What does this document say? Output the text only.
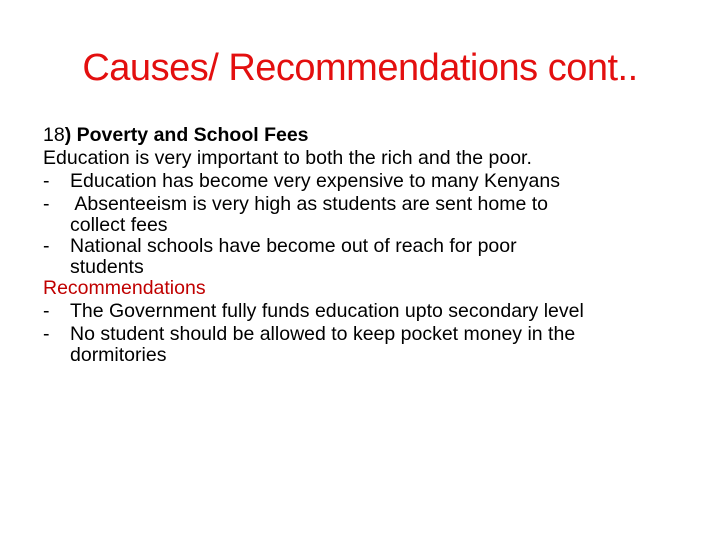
Causes/ Recommendations cont..
18) Poverty and School Fees
Education is very important to both the rich and the poor.
- Education has become very expensive to many Kenyans
- Absenteeism is very high as students are sent home to
collect fees
- National schools have become out of reach for poor
students
Recommendations
- The Government fully funds education upto secondary level
- No student should be allowed to keep pocket money in the
dormitories
